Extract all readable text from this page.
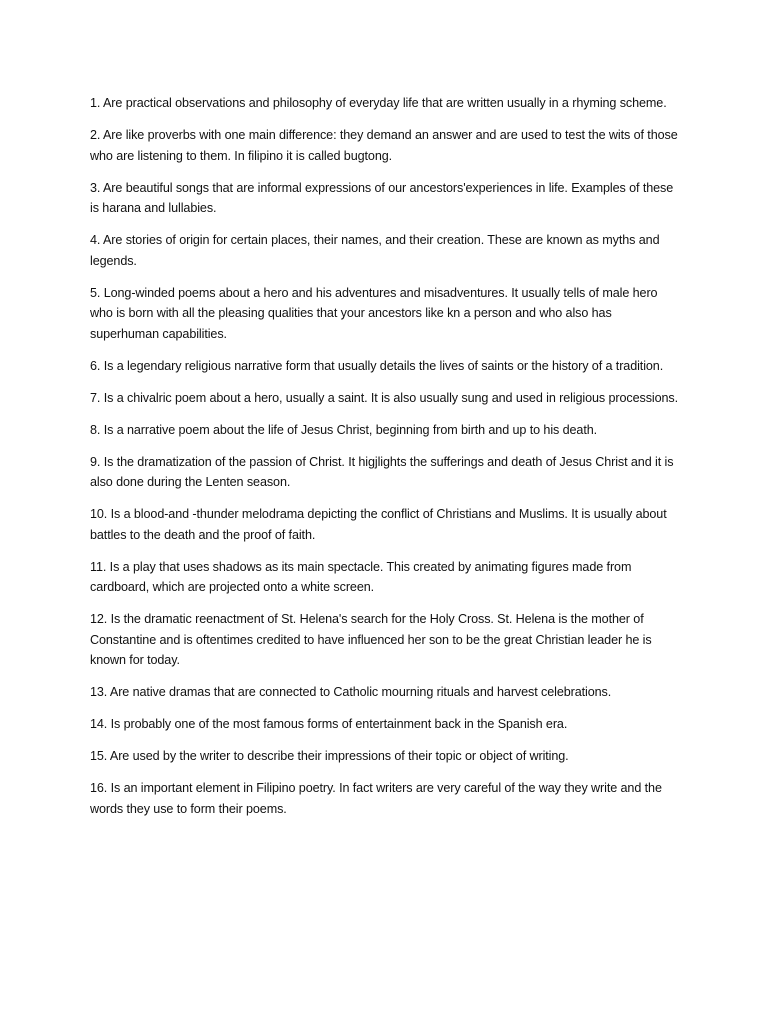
1. Are practical observations and philosophy of everyday life that are written usually in a rhyming scheme.

2. Are like proverbs with one main difference: they demand an answer and are used to test the wits of those who are listening to them. In filipino it is called bugtong.

3. Are beautiful songs that are informal expressions of our ancestors'experiences in life. Examples of these is harana and lullabies.

4. Are stories of origin for certain places, their names, and their creation. These are known as myths and legends.

5. Long-winded poems about a hero and his adventures and misadventures. It usually tells of male hero who is born with all the pleasing qualities that your ancestors like kn a person and who also has superhuman capabilities.

6. Is a legendary religious narrative form that usually details the lives of saints or the history of a tradition.

7. Is a chivalric poem about a hero, usually a saint. It is also usually sung and used in religious processions.

8. Is a narrative poem about the life of Jesus Christ, beginning from birth and up to his death.

9. Is the dramatization of the passion of Christ. It higjlights the sufferings and death of Jesus Christ and it is also done during the Lenten season.

10. Is a blood-and -thunder melodrama depicting the conflict of Christians and Muslims. It is usually about battles to the death and the proof of faith.

11. Is a play that uses shadows as its main spectacle. This created by animating figures made from cardboard, which are projected onto a white screen.

12. Is the dramatic reenactment of St. Helena's search for the Holy Cross. St. Helena is the mother of Constantine and is oftentimes credited to have influenced her son to be the great Christian leader he is known for today.

13. Are native dramas that are connected to Catholic mourning rituals and harvest celebrations.

14. Is probably one of the most famous forms of entertainment back in the Spanish era.

15. Are used by the writer to describe their impressions of their topic or object of writing.

16. Is an important element in Filipino poetry. In fact writers are very careful of the way they write and the words they use to form their poems.
